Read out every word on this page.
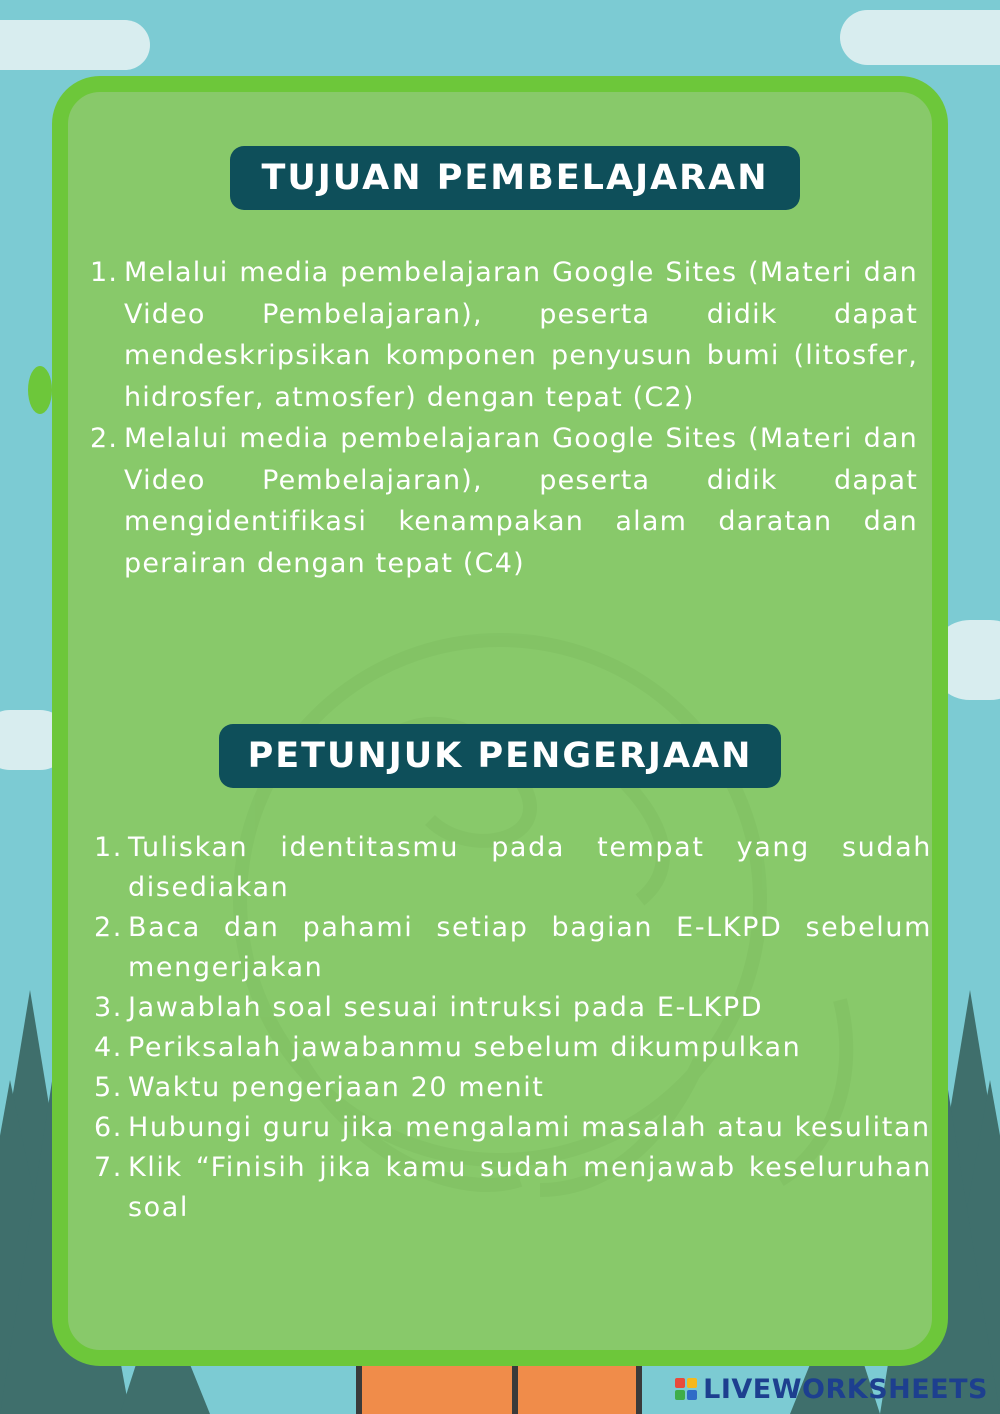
TUJUAN PEMBELAJARAN
1. Melalui media pembelajaran Google Sites (Materi dan Video Pembelajaran), peserta didik dapat mendeskripsikan komponen penyusun bumi (litosfer, hidrosfer, atmosfer) dengan tepat (C2)
2. Melalui media pembelajaran Google Sites (Materi dan Video Pembelajaran), peserta didik dapat mengidentifikasi kenampakan alam daratan dan perairan dengan tepat (C4)
PETUNJUK PENGERJAAN
1. Tuliskan identitasmu pada tempat yang sudah disediakan
2. Baca dan pahami setiap bagian E-LKPD sebelum mengerjakan
3. Jawablah soal sesuai intruksi pada E-LKPD
4. Periksalah jawabanmu sebelum dikumpulkan
5. Waktu pengerjaan 20 menit
6. Hubungi guru jika mengalami masalah atau kesulitan
7. Klik “Finisih jika kamu sudah menjawab keseluruhan soal
LIVEWORKSHEETS
